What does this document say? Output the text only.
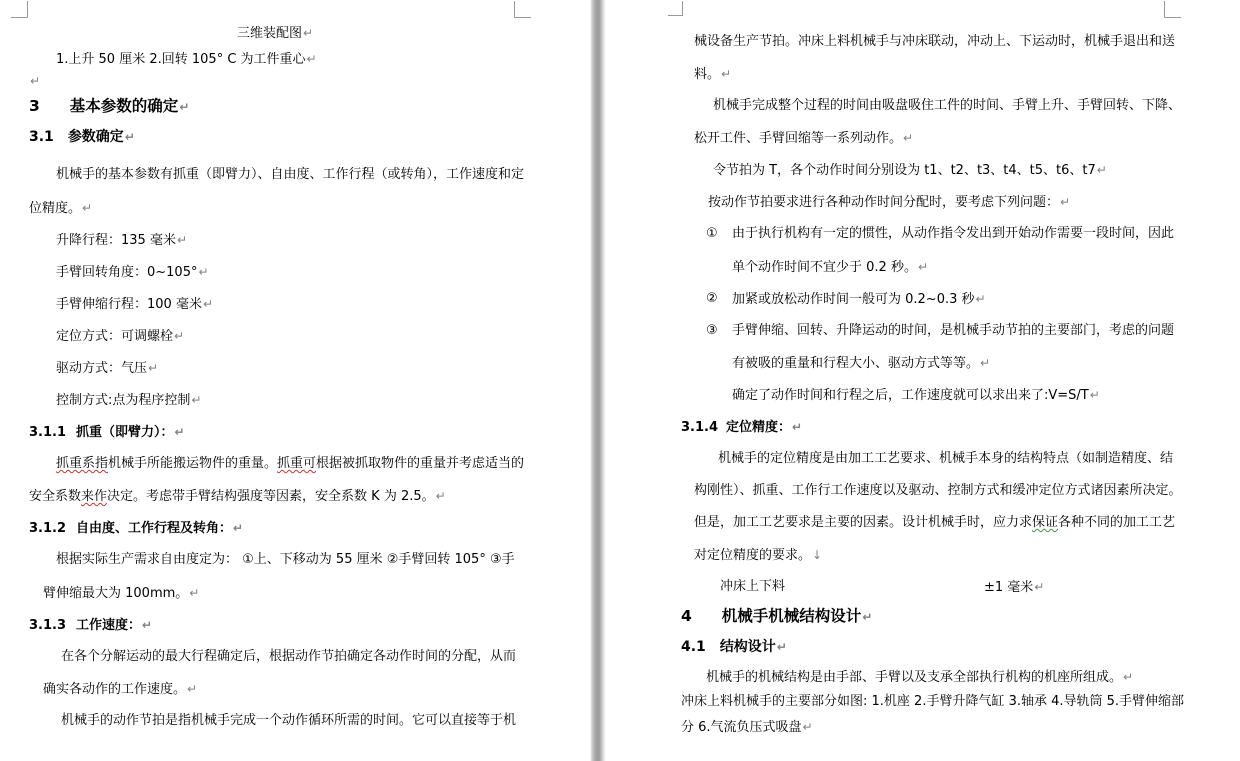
三维装配图↵
1.上升 50 厘米 2.回转 105° C 为工件重心↵
↵
3 基本参数的确定↵
3.1 参数确定↵
机械手的基本参数有抓重（即臂力）、自由度、工作行程（或转角），工作速度和定
位精度。↵
升降行程：135 毫米↵
手臂回转角度：0~105°↵
手臂伸缩行程：100 毫米↵
定位方式：可调螺栓↵
驱动方式：气压↵
控制方式:点为程序控制↵
3.1.1 抓重（即臂力）：↵
抓重系指机械手所能搬运物件的重量。抓重可根据被抓取物件的重量并考虑适当的
安全系数来作决定。考虑带手臂结构强度等因素，安全系数 K 为 2.5。↵
3.1.2 自由度、工作行程及转角：↵
根据实际生产需求自由度定为： ①上、下移动为 55 厘米 ②手臂回转 105° ③手
臂伸缩最大为 100mm。↵
3.1.3 工作速度：↵
在各个分解运动的最大行程确定后，根据动作节拍确定各动作时间的分配，从而
确实各动作的工作速度。↵
机械手的动作节拍是指机械手完成一个动作循环所需的时间。它可以直接等于机
械设备生产节拍。冲床上料机械手与冲床联动，冲动上、下运动时，机械手退出和送
料。↵
机械手完成整个过程的时间由吸盘吸住工件的时间、手臂上升、手臂回转、下降、
松开工件、手臂回缩等一系列动作。↵
令节拍为 T，各个动作时间分别设为 t1、t2、t3、t4、t5、t6、t7↵
按动作节拍要求进行各种动作时间分配时，要考虑下列问题：↵
① 由于执行机构有一定的惯性，从动作指令发出到开始动作需要一段时间，因此
单个动作时间不宜少于 0.2 秒。↵
② 加紧或放松动作时间一般可为 0.2~0.3 秒↵
③ 手臂伸缩、回转、升降运动的时间，是机械手动节拍的主要部门，考虑的问题
有被吸的重量和行程大小、驱动方式等等。↵
确定了动作时间和行程之后，工作速度就可以求出来了:V=S/T↵
3.1.4 定位精度：↵
机械手的定位精度是由加工工艺要求、机械手本身的结构特点（如制造精度、结
构刚性）、抓重、工作行工作速度以及驱动、控制方式和缓冲定位方式诸因素所决定。
但是，加工工艺要求是主要的因素。设计机械手时，应力求保证各种不同的加工工艺
对定位精度的要求。↓
冲床上下料	±1 毫米↵
4 机械手机械结构设计↵
4.1 结构设计↵
机械手的机械结构是由手部、手臂以及支承全部执行机构的机座所组成。↵
冲床上料机械手的主要部分如图: 1.机座 2.手臂升降气缸 3.轴承 4.导轨筒 5.手臂伸缩部
分 6.气流负压式吸盘↵
